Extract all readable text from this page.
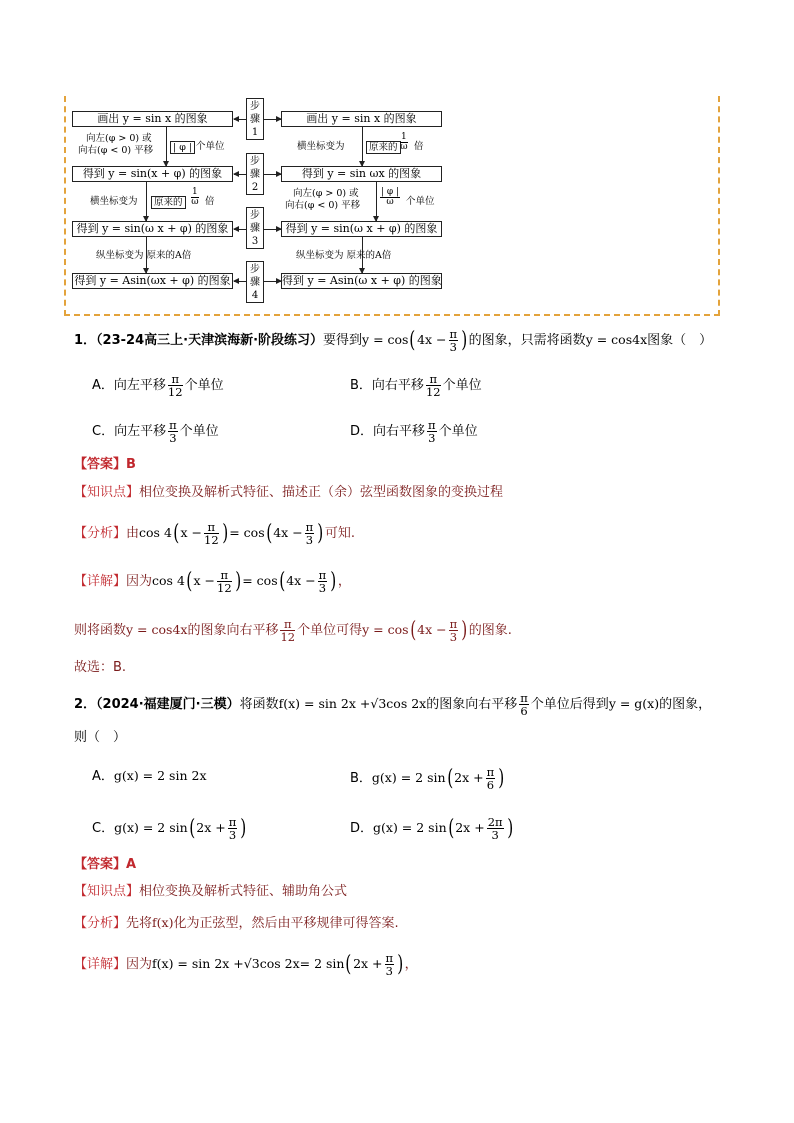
步
骤
1
步
骤
2
步
骤
3
步
骤
4
画出 y = sin x 的图象
得到 y = sin(x + φ) 的图象
得到 y = sin(ω x + φ) 的图象
得到 y = Asin(ωx + φ) 的图象
画出 y = sin x 的图象
得到 y = sin ωx 的图象
得到 y = sin(ω x + φ) 的图象
得到 y = Asin(ω x + φ) 的图象
向左(φ > 0) 或
向右(φ < 0) 平移	| φ | 个单位
横坐标变为	原来的 $\frac{1}{\omega}$ 倍
纵坐标变为 原来的A倍
横坐标变为	原来的 $\frac{1}{\omega}$ 倍
向左(φ > 0) 或
向右(φ < 0) 平移 $\frac{| \varphi |}{\omega}$ 个单位
纵坐标变为 原来的A倍
1．（23-24高三上·天津滨海新·阶段练习）要得到$y = \cos(4x - \frac{\pi}{3}$ )的图象，只需将函数y = cos4x图象（　）
A．向左平移 $\frac{\pi}{12}$ 个单位	B．向右平移 $\frac{\pi}{12}$ 个单位
C．向左平移 $\frac{\pi}{3}$ 个单位	D．向右平移 $\frac{\pi}{3}$ 个单位
【答案】B
【知识点】相位变换及解析式特征、描述正（余）弦型函数图象的变换过程
【分析】由$\cos 4(x - \frac{\pi}{12}$ )= $\cos(4x - \frac{\pi}{3}$ )可知.
【详解】因为$\cos 4(x - \frac{\pi}{12}$ )= $\cos(4x - \frac{\pi}{3}$ )，
则将函数y = cos4x的图象向右平移 $\frac{\pi}{12}$ 个单位可得$y = \cos(4x - \frac{\pi}{3}$ )的图象.
故选：B.
2．（2024·福建厦门·三模）将函数f(x) = sin 2x +√3cos 2x的图象向右平移 $\frac{\pi}{6}$ 个单位后得到y = g(x)的图象，
则（　）
A．g(x) = 2 sin 2x	B．g(x) = 2 $\sin(2x + \frac{\pi}{6}$ )
C．g(x) = 2 $\sin(2x + \frac{\pi}{3}$ )	D．g(x) = 2 $\sin(2x + \frac{2\pi}{3}$ )
【答案】A
【知识点】相位变换及解析式特征、辅助角公式
【分析】先将f(x)化为正弦型，然后由平移规律可得答案.
【详解】因为f(x) = sin 2x +√3cos 2x= 2 $\sin(2x + \frac{\pi}{3}$ )，
